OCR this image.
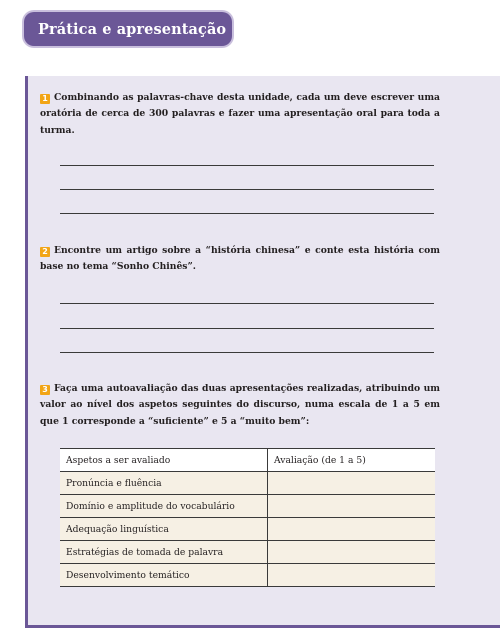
Prática e apresentação
1 Combinando as palavras-chave desta unidade, cada um deve escrever uma oratória de cerca de 300 palavras e fazer uma apresentação oral para toda a turma.
2 Encontre um artigo sobre a “história chinesa” e conte esta história com base no tema “Sonho Chinês”.
3 Faça uma autoavaliação das duas apresentações realizadas, atribuindo um valor ao nível dos aspetos seguintes do discurso, numa escala de 1 a 5 em que 1 corresponde a “suficiente” e 5 a “muito bem”:
Aspetos a ser avaliado	Avaliação (de 1 a 5)
Pronúncia e fluência	
Domínio e amplitude do vocabulário	
Adequação linguística	
Estratégias de tomada de palavra	
Desenvolvimento temático	
